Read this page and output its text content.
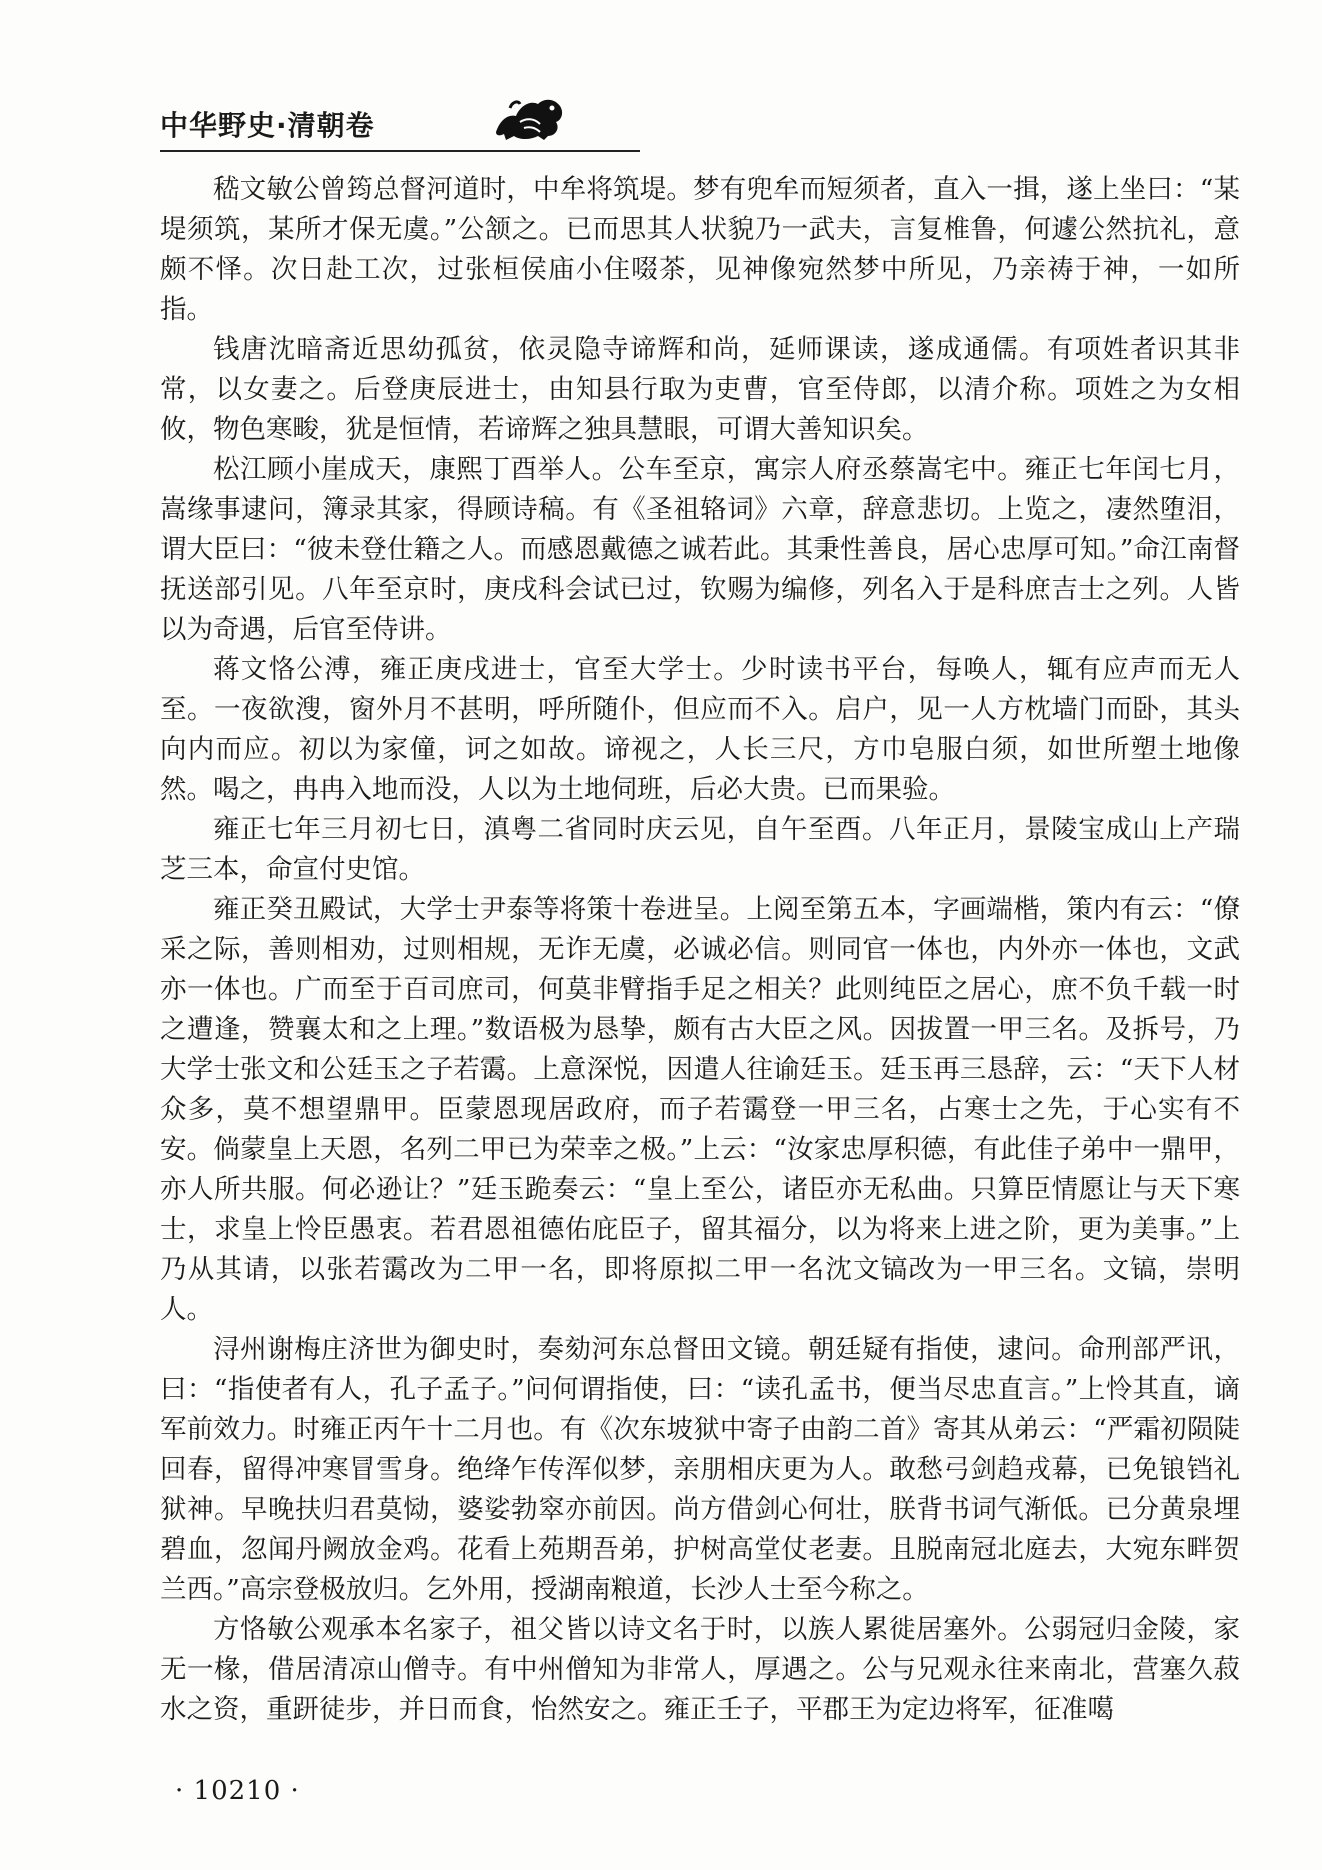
中华野史·清朝卷

嵇文敏公曾筠总督河道时，中牟将筑堤。梦有兜牟而短须者，直入一揖，遂上坐曰：“某堤须筑，某所才保无虞。”公颔之。已而思其人状貌乃一武夫，言复椎鲁，何遽公然抗礼，意颇不怿。次日赴工次，过张桓侯庙小住啜茶，见神像宛然梦中所见，乃亲祷于神，一如所指。

钱唐沈暗斋近思幼孤贫，依灵隐寺谛辉和尚，延师课读，遂成通儒。有项姓者识其非常，以女妻之。后登庚辰进士，由知县行取为吏曹，官至侍郎，以清介称。项姓之为女相攸，物色寒畯，犹是恒情，若谛辉之独具慧眼，可谓大善知识矣。

松江顾小崖成天，康熙丁酉举人。公车至京，寓宗人府丞蔡嵩宅中。雍正七年闰七月，嵩缘事逮问，簿录其家，得顾诗稿。有《圣祖辂词》六章，辞意悲切。上览之，凄然堕泪，谓大臣曰：“彼未登仕籍之人。而感恩戴德之诚若此。其秉性善良，居心忠厚可知。”命江南督抚送部引见。八年至京时，庚戌科会试已过，钦赐为编修，列名入于是科庶吉士之列。人皆以为奇遇，后官至侍讲。

蒋文恪公溥，雍正庚戌进士，官至大学士。少时读书平台，每唤人，辄有应声而无人至。一夜欲溲，窗外月不甚明，呼所随仆，但应而不入。启户，见一人方枕墙门而卧，其头向内而应。初以为家僮，诃之如故。谛视之，人长三尺，方巾皂服白须，如世所塑土地像然。喝之，冉冉入地而没，人以为土地伺班，后必大贵。已而果验。

雍正七年三月初七日，滇粤二省同时庆云见，自午至酉。八年正月，景陵宝成山上产瑞芝三本，命宣付史馆。

雍正癸丑殿试，大学士尹泰等将策十卷进呈。上阅至第五本，字画端楷，策内有云：“僚采之际，善则相劝，过则相规，无诈无虞，必诚必信。则同官一体也，内外亦一体也，文武亦一体也。广而至于百司庶司，何莫非臂指手足之相关？此则纯臣之居心，庶不负千载一时之遭逢，赞襄太和之上理。”数语极为恳挚，颇有古大臣之风。因拔置一甲三名。及拆号，乃大学士张文和公廷玉之子若霭。上意深悦，因遣人往谕廷玉。廷玉再三恳辞，云：“天下人材众多，莫不想望鼎甲。臣蒙恩现居政府，而子若霭登一甲三名，占寒士之先，于心实有不安。倘蒙皇上天恩，名列二甲已为荣幸之极。”上云：“汝家忠厚积德，有此佳子弟中一鼎甲，亦人所共服。何必逊让？”廷玉跪奏云：“皇上至公，诸臣亦无私曲。只算臣情愿让与天下寒士，求皇上怜臣愚衷。若君恩祖德佑庇臣子，留其福分，以为将来上进之阶，更为美事。”上乃从其请，以张若霭改为二甲一名，即将原拟二甲一名沈文镐改为一甲三名。文镐，崇明人。

浔州谢梅庄济世为御史时，奏劾河东总督田文镜。朝廷疑有指使，逮问。命刑部严讯，曰：“指使者有人，孔子孟子。”问何谓指使，曰：“读孔孟书，便当尽忠直言。”上怜其直，谪军前效力。时雍正丙午十二月也。有《次东坡狱中寄子由韵二首》寄其从弟云：“严霜初陨陡回春，留得冲寒冒雪身。绝绛乍传浑似梦，亲朋相庆更为人。敢愁弓剑趋戎幕，已免锒铛礼狱神。早晚扶归君莫恸，婆娑勃窣亦前因。尚方借剑心何壮，朕背书词气渐低。已分黄泉埋碧血，忽闻丹阙放金鸡。花看上苑期吾弟，护树高堂仗老妻。且脱南冠北庭去，大宛东畔贺兰西。”高宗登极放归。乞外用，授湖南粮道，长沙人士至今称之。

方恪敏公观承本名家子，祖父皆以诗文名于时，以族人累徙居塞外。公弱冠归金陵，家无一椽，借居清凉山僧寺。有中州僧知为非常人，厚遇之。公与兄观永往来南北，营塞久菽水之资，重趼徒步，并日而食，怡然安之。雍正壬子，平郡王为定边将军，征准噶

· 10210 ·
